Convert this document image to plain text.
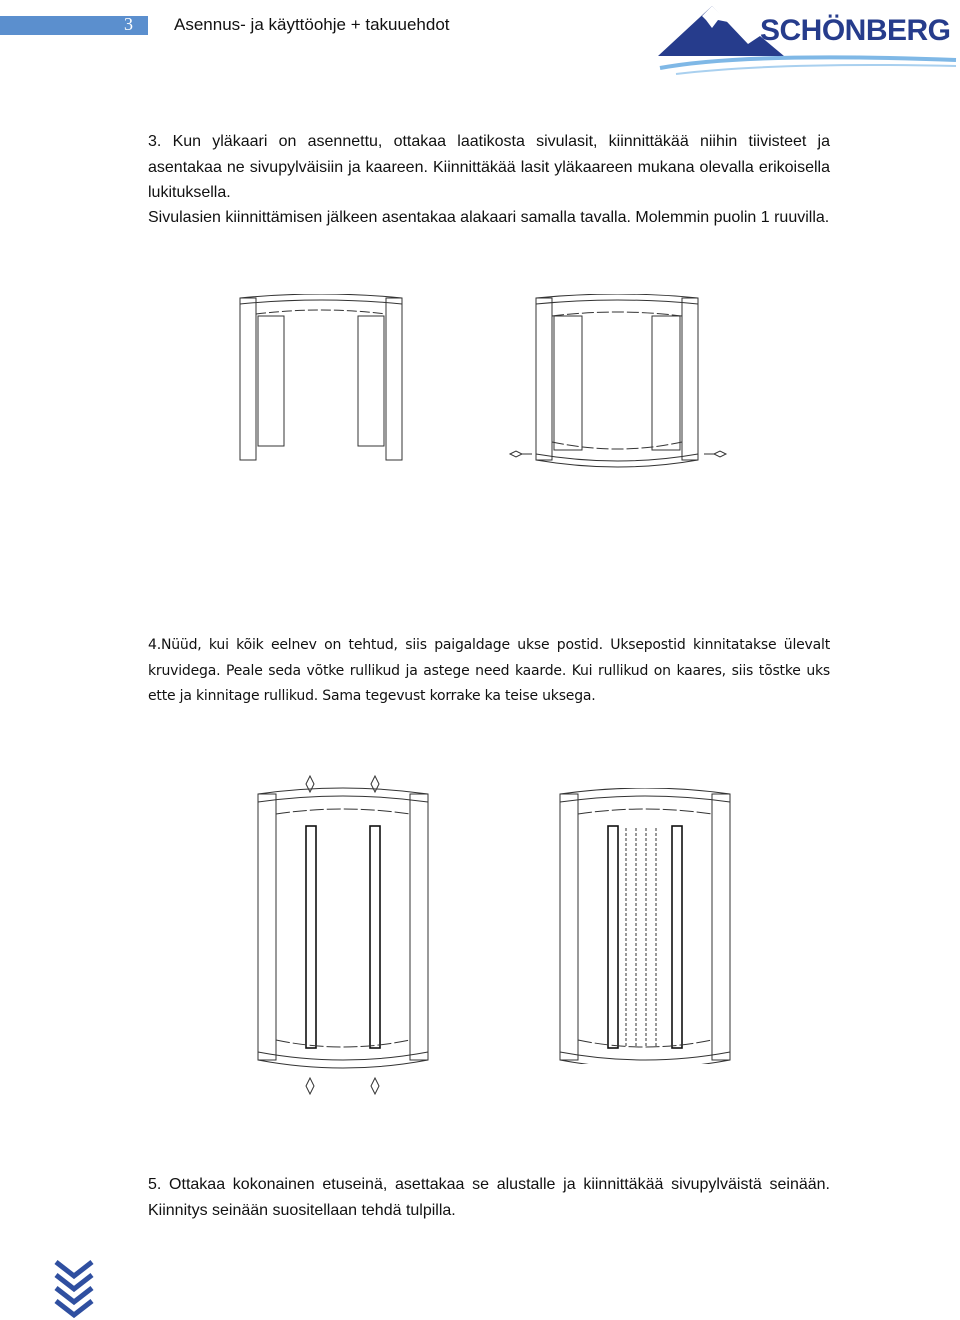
3 Asennus- ja käyttöohje + takuuehdot	SCHÖNBERG

3. Kun yläkaari on asennettu, ottakaa laatikosta sivulasit, kiinnittäkää niihin tiivisteet ja asentakaa ne sivupylväisiin ja kaareen. Kiinnittäkää lasit yläkaareen mukana olevalla erikoisella lukituksella.

Sivulasien kiinnittämisen jälkeen asentakaa alakaari samalla tavalla. Molemmin puolin 1 ruuvilla.

4.Nüüd, kui kõik eelnev on tehtud, siis paigaldage ukse postid. Uksepostid kinnitatakse ülevalt kruvidega. Peale seda võtke rullikud ja astege need kaarde. Kui rullikud on kaares, siis tõstke uks ette ja kinnitage rullikud. Sama tegevust korrake ka teise uksega.

5. Ottakaa kokonainen etuseinä, asettakaa se alustalle ja kiinnittäkää sivupylväistä seinään. Kiinnitys seinään suositellaan tehdä tulpilla.
